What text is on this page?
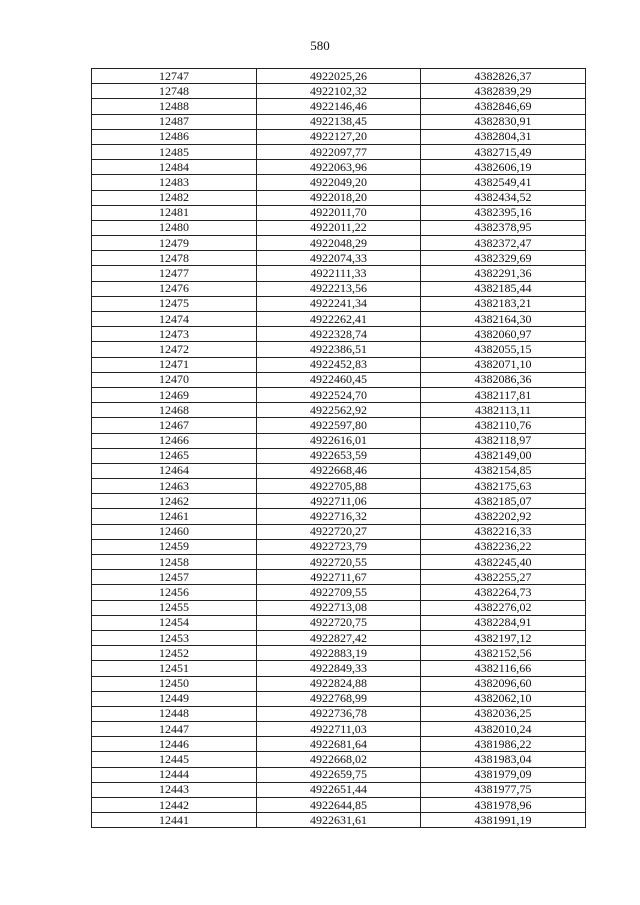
580
12747	4922025,26	4382826,37
12748	4922102,32	4382839,29
12488	4922146,46	4382846,69
12487	4922138,45	4382830,91
12486	4922127,20	4382804,31
12485	4922097,77	4382715,49
12484	4922063,96	4382606,19
12483	4922049,20	4382549,41
12482	4922018,20	4382434,52
12481	4922011,70	4382395,16
12480	4922011,22	4382378,95
12479	4922048,29	4382372,47
12478	4922074,33	4382329,69
12477	4922111,33	4382291,36
12476	4922213,56	4382185,44
12475	4922241,34	4382183,21
12474	4922262,41	4382164,30
12473	4922328,74	4382060,97
12472	4922386,51	4382055,15
12471	4922452,83	4382071,10
12470	4922460,45	4382086,36
12469	4922524,70	4382117,81
12468	4922562,92	4382113,11
12467	4922597,80	4382110,76
12466	4922616,01	4382118,97
12465	4922653,59	4382149,00
12464	4922668,46	4382154,85
12463	4922705,88	4382175,63
12462	4922711,06	4382185,07
12461	4922716,32	4382202,92
12460	4922720,27	4382216,33
12459	4922723,79	4382236,22
12458	4922720,55	4382245,40
12457	4922711,67	4382255,27
12456	4922709,55	4382264,73
12455	4922713,08	4382276,02
12454	4922720,75	4382284,91
12453	4922827,42	4382197,12
12452	4922883,19	4382152,56
12451	4922849,33	4382116,66
12450	4922824,88	4382096,60
12449	4922768,99	4382062,10
12448	4922736,78	4382036,25
12447	4922711,03	4382010,24
12446	4922681,64	4381986,22
12445	4922668,02	4381983,04
12444	4922659,75	4381979,09
12443	4922651,44	4381977,75
12442	4922644,85	4381978,96
12441	4922631,61	4381991,19
